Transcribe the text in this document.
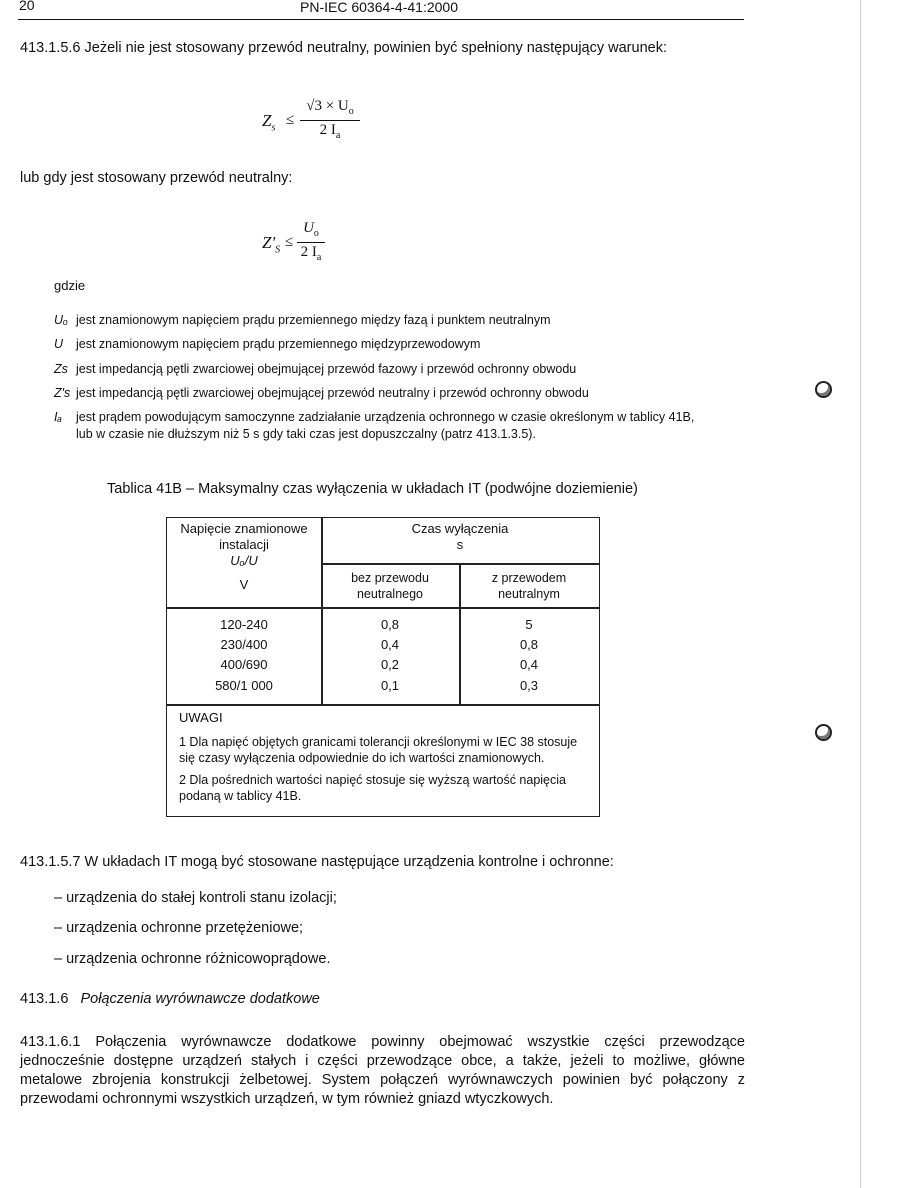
20	PN-IEC 60364-4-41:2000
413.1.5.6 Jeżeli nie jest stosowany przewód neutralny, powinien być spełniony następujący warunek:
$Z_s$ ≤
$√3 \times U_o$
2 $I_a$
lub gdy jest stosowany przewód neutralny:
$Z'_S$ ≤
$U_o$
2 $I_a$
gdzie
Uₒ jest znamionowym napięciem prądu przemiennego między fazą i punktem neutralnym
U jest znamionowym napięciem prądu przemiennego międzyprzewodowym
Zs jest impedancją pętli zwarciowej obejmującej przewód fazowy i przewód ochronny obwodu
Z's jest impedancją pętli zwarciowej obejmującej przewód neutralny i przewód ochronny obwodu
Iₐ jest prądem powodującym samoczynne zadziałanie urządzenia ochronnego w czasie określonym w tablicy 41B,
lub w czasie nie dłuższym niż 5 s gdy taki czas jest dopuszczalny (patrz 413.1.3.5).
Tablica 41B – Maksymalny czas wyłączenia w układach IT (podwójne doziemienie)
Napięcie znamionowe
instalacji
Uₒ/U
V
Czas wyłączenia
s
bez przewodu
neutralnego
z przewodem
neutralnym
120-240	0,8	5
230/400	0,4	0,8
400/690	0,2	0,4
580/1 000	0,1	0,3
UWAGI
1 Dla napięć objętych granicami tolerancji określonymi w IEC 38 stosuje się czasy wyłączenia odpowiednie do ich wartości znamionowych.
2 Dla pośrednich wartości napięć stosuje się wyższą wartość napięcia podaną w tablicy 41B.
413.1.5.7 W układach IT mogą być stosowane następujące urządzenia kontrolne i ochronne:
– urządzenia do stałej kontroli stanu izolacji;
– urządzenia ochronne przetężeniowe;
– urządzenia ochronne różnicowoprądowe.
413.1.6 Połączenia wyrównawcze dodatkowe
413.1.6.1 Połączenia wyrównawcze dodatkowe powinny obejmować wszystkie części przewodzące jednocześnie dostępne urządzeń stałych i części przewodzące obce, a także, jeżeli to możliwe, główne metalowe zbrojenia konstrukcji żelbetowej. System połączeń wyrównawczych powinien być połączony z przewodami ochronnymi wszystkich urządzeń, w tym również gniazd wtyczkowych.
